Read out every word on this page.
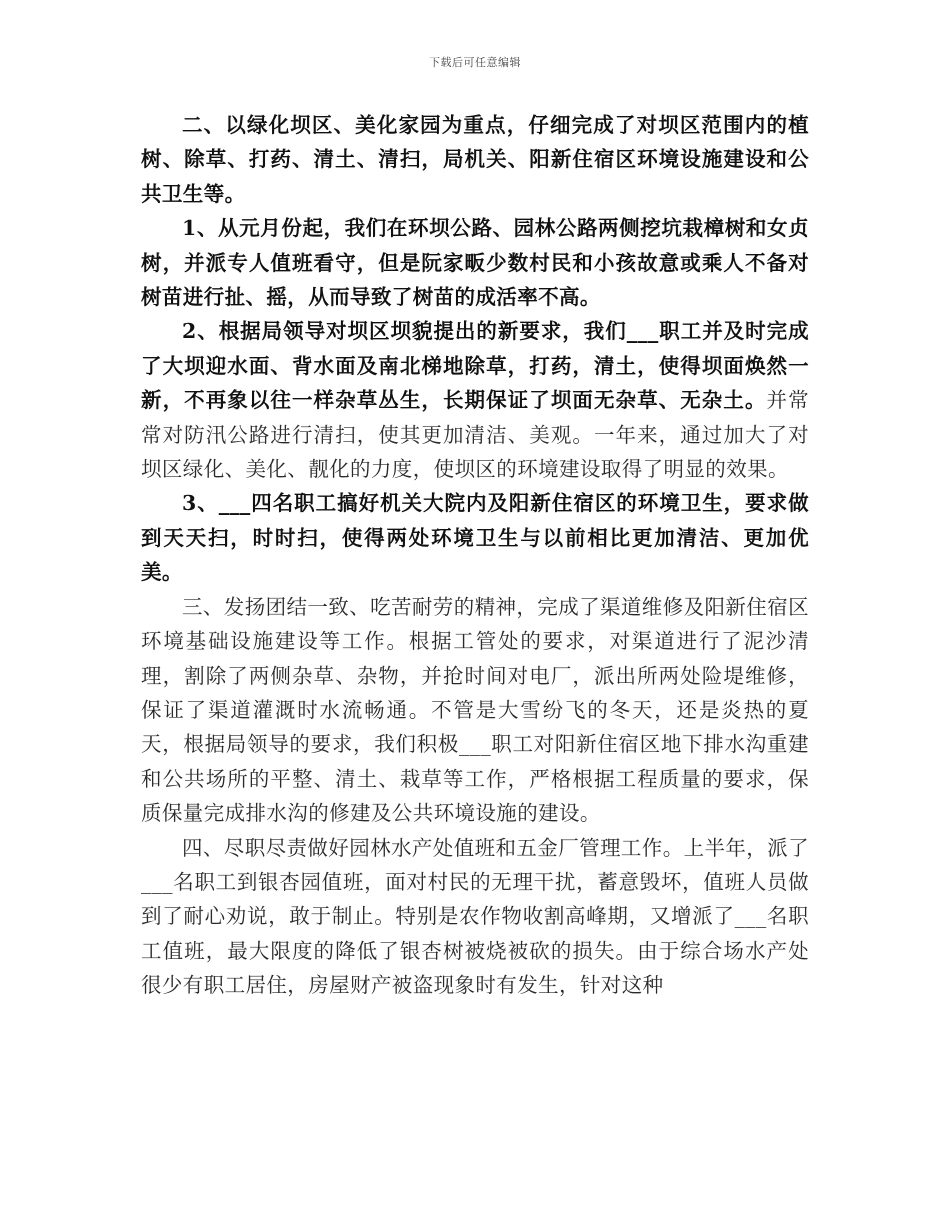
下载后可任意编辑

二、以绿化坝区、美化家园为重点，仔细完成了对坝区范围内的植树、除草、打药、清土、清扫，局机关、阳新住宿区环境设施建设和公共卫生等。

1、从元月份起，我们在环坝公路、园林公路两侧挖坑栽樟树和女贞树，并派专人值班看守，但是阮家畈少数村民和小孩故意或乘人不备对树苗进行扯、摇，从而导致了树苗的成活率不高。

2、根据局领导对坝区坝貌提出的新要求，我们___职工并及时完成了大坝迎水面、背水面及南北梯地除草，打药，清土，使得坝面焕然一新，不再象以往一样杂草丛生，长期保证了坝面无杂草、无杂土。并常常对防汛公路进行清扫，使其更加清洁、美观。一年来，通过加大了对坝区绿化、美化、靓化的力度，使坝区的环境建设取得了明显的效果。

3、___四名职工搞好机关大院内及阳新住宿区的环境卫生，要求做到天天扫，时时扫，使得两处环境卫生与以前相比更加清洁、更加优美。

三、发扬团结一致、吃苦耐劳的精神，完成了渠道维修及阳新住宿区环境基础设施建设等工作。根据工管处的要求，对渠道进行了泥沙清理，割除了两侧杂草、杂物，并抢时间对电厂，派出所两处险堤维修，保证了渠道灌溉时水流畅通。不管是大雪纷飞的冬天，还是炎热的夏天，根据局领导的要求，我们积极___职工对阳新住宿区地下排水沟重建和公共场所的平整、清土、栽草等工作，严格根据工程质量的要求，保质保量完成排水沟的修建及公共环境设施的建设。

四、尽职尽责做好园林水产处值班和五金厂管理工作。上半年，派了___名职工到银杏园值班，面对村民的无理干扰，蓄意毁坏，值班人员做到了耐心劝说，敢于制止。特别是农作物收割高峰期，又增派了___名职工值班，最大限度的降低了银杏树被烧被砍的损失。由于综合场水产处很少有职工居住，房屋财产被盗现象时有发生，针对这种
